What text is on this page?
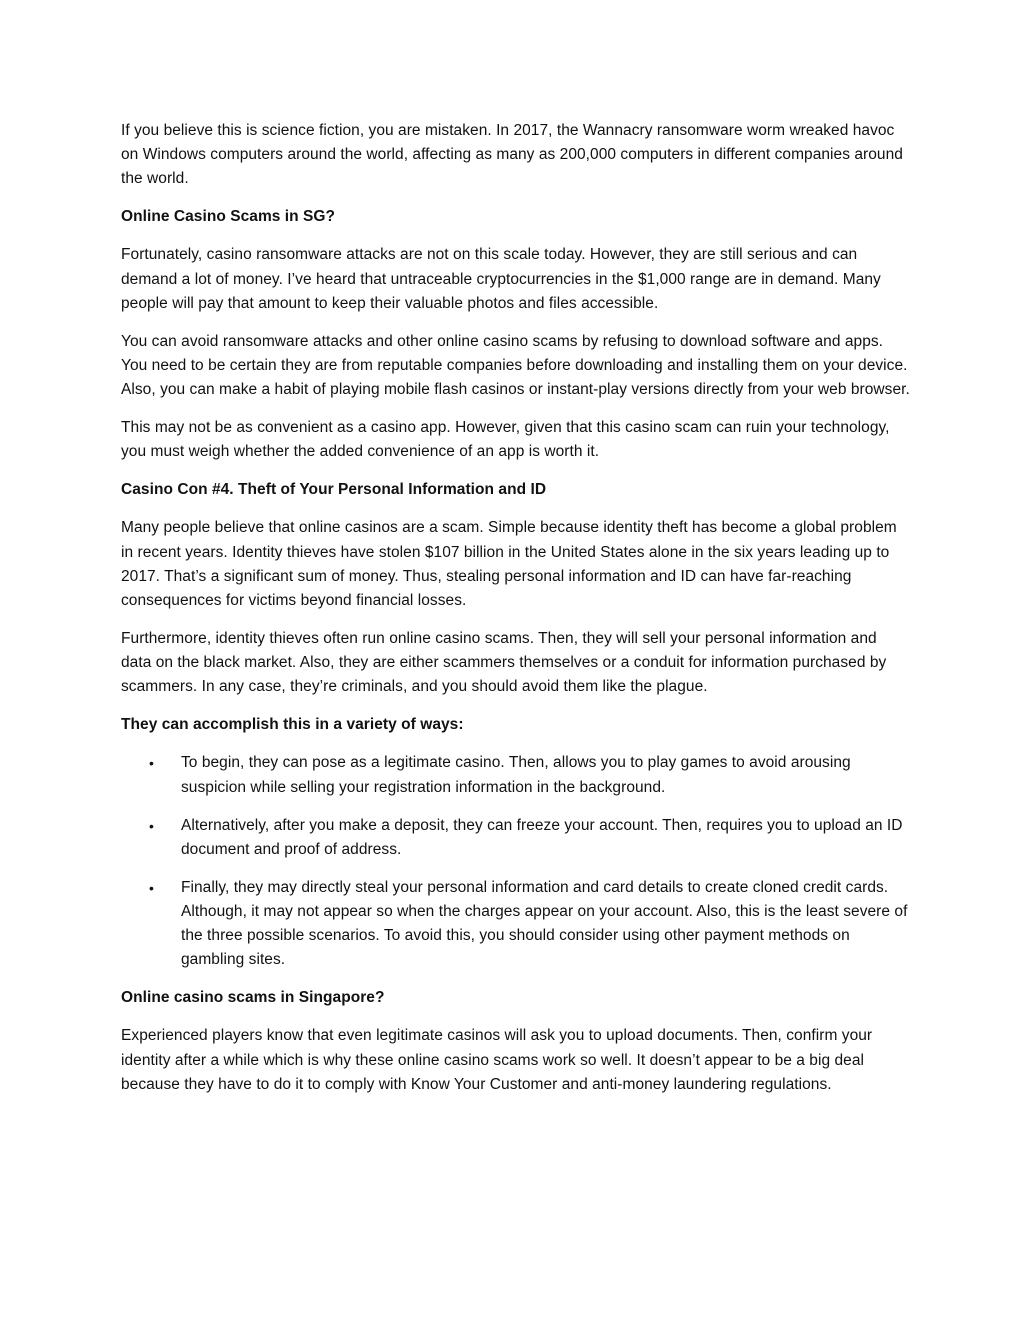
If you believe this is science fiction, you are mistaken. In 2017, the Wannacry ransomware worm wreaked havoc on Windows computers around the world, affecting as many as 200,000 computers in different companies around the world.

Online Casino Scams in SG?

Fortunately, casino ransomware attacks are not on this scale today. However, they are still serious and can demand a lot of money. I’ve heard that untraceable cryptocurrencies in the $1,000 range are in demand. Many people will pay that amount to keep their valuable photos and files accessible.

You can avoid ransomware attacks and other online casino scams by refusing to download software and apps. You need to be certain they are from reputable companies before downloading and installing them on your device. Also, you can make a habit of playing mobile flash casinos or instant-play versions directly from your web browser.

This may not be as convenient as a casino app. However, given that this casino scam can ruin your technology, you must weigh whether the added convenience of an app is worth it.

Casino Con #4. Theft of Your Personal Information and ID

Many people believe that online casinos are a scam. Simple because identity theft has become a global problem in recent years. Identity thieves have stolen $107 billion in the United States alone in the six years leading up to 2017. That’s a significant sum of money. Thus, stealing personal information and ID can have far-reaching consequences for victims beyond financial losses.

Furthermore, identity thieves often run online casino scams. Then, they will sell your personal information and data on the black market. Also, they are either scammers themselves or a conduit for information purchased by scammers. In any case, they’re criminals, and you should avoid them like the plague.

They can accomplish this in a variety of ways:

• To begin, they can pose as a legitimate casino. Then, allows you to play games to avoid arousing suspicion while selling your registration information in the background.
• Alternatively, after you make a deposit, they can freeze your account. Then, requires you to upload an ID document and proof of address.
• Finally, they may directly steal your personal information and card details to create cloned credit cards. Although, it may not appear so when the charges appear on your account. Also, this is the least severe of the three possible scenarios. To avoid this, you should consider using other payment methods on gambling sites.

Online casino scams in Singapore?

Experienced players know that even legitimate casinos will ask you to upload documents. Then, confirm your identity after a while which is why these online casino scams work so well. It doesn’t appear to be a big deal because they have to do it to comply with Know Your Customer and anti-money laundering regulations.
